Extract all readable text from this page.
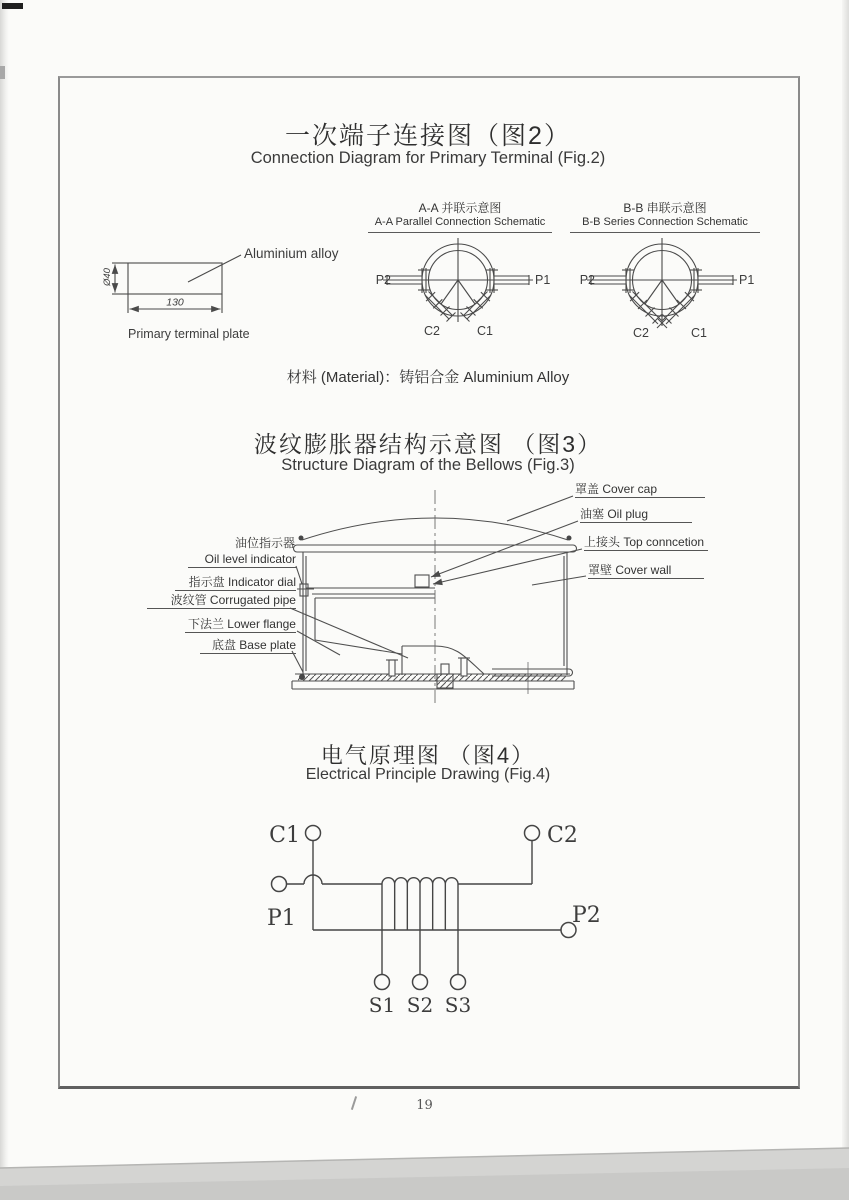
一次端子连接图（图2）
Connection Diagram for Primary Terminal (Fig.2)
A-A 并联示意图
A-A Parallel Connection Schematic
P2	P1
C2	C1
B-B 串联示意图
B-B Series Connection Schematic
P2	P1
C2	C1
Ø40
130
Aluminium alloy
Primary terminal plate
材料 (Material)：铸铝合金 Aluminium Alloy
波纹膨胀器结构示意图 （图3）
Structure Diagram of the Bellows (Fig.3)
罩盖 Cover cap
油塞 Oil plug
上接头 Top conncetion
罩壁 Cover wall
油位指示器
Oil level indicator
指示盘 Indicator dial
波纹管 Corrugated pipe
下法兰 Lower flange
底盘 Base plate
电气原理图 （图4）
Electrical Principle Drawing (Fig.4)
C1	C2
P1	P2
S1 S2 S3
19
